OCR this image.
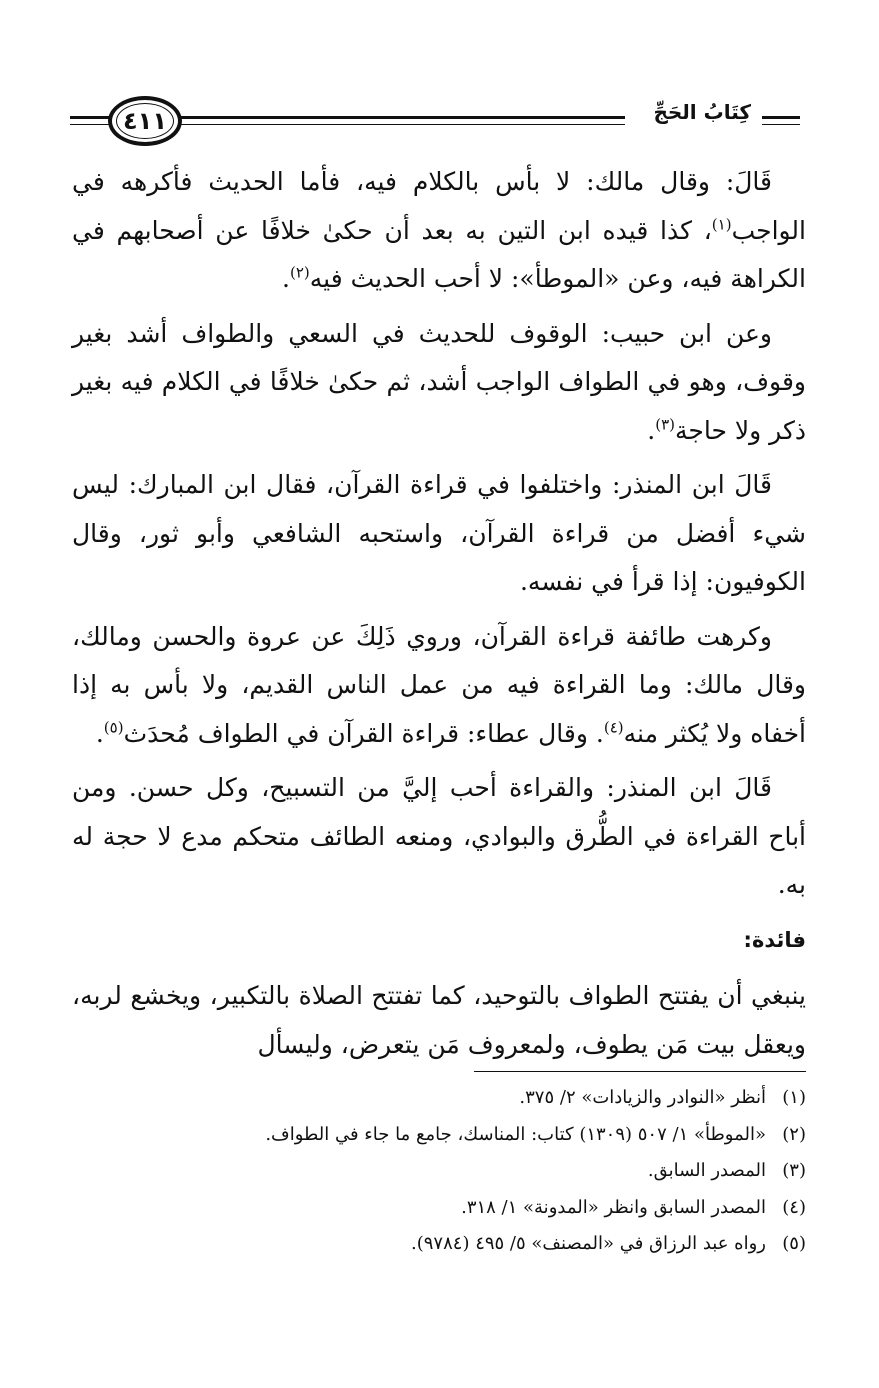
٤١١	كِتَابُ الحَجِّ

قَالَ: وقال مالك: لا بأس بالكلام فيه، فأما الحديث فأكرهه في الواجب$^{(١)}$، كذا قيده ابن التين به بعد أن حكىٰ خلافًا عن أصحابهم في الكراهة فيه، وعن «الموطأ»: لا أحب الحديث فيه$^{(٢)}$.

وعن ابن حبيب: الوقوف للحديث في السعي والطواف أشد بغير وقوف، وهو في الطواف الواجب أشد، ثم حكىٰ خلافًا في الكلام فيه بغير ذكر ولا حاجة$^{(٣)}$.

قَالَ ابن المنذر: واختلفوا في قراءة القرآن، فقال ابن المبارك: ليس شيء أفضل من قراءة القرآن، واستحبه الشافعي وأبو ثور، وقال الكوفيون: إذا قرأ في نفسه.

وكرهت طائفة قراءة القرآن، وروي ذَلِكَ عن عروة والحسن ومالك، وقال مالك: وما القراءة فيه من عمل الناس القديم، ولا بأس به إذا أخفاه ولا يُكثر منه$^{(٤)}$. وقال عطاء: قراءة القرآن في الطواف مُحدَث$^{(٥)}$.

قَالَ ابن المنذر: والقراءة أحب إليَّ من التسبيح، وكل حسن. ومن أباح القراءة في الطُّرق والبوادي، ومنعه الطائف متحكم مدع لا حجة له به.

فائدة:

ينبغي أن يفتتح الطواف بالتوحيد، كما تفتتح الصلاة بالتكبير، ويخشع لربه، ويعقل بيت مَن يطوف، ولمعروف مَن يتعرض، وليسأل

(١)أنظر «النوادر والزيادات» ٢/ ٣٧٥.

(٢)«الموطأ» ١/ ٥٠٧ (١٣٠٩) كتاب: المناسك، جامع ما جاء في الطواف.

(٣)المصدر السابق.

(٤)المصدر السابق وانظر «المدونة» ١/ ٣١٨.

(٥)رواه عبد الرزاق في «المصنف» ٥/ ٤٩٥ (٩٧٨٤).
